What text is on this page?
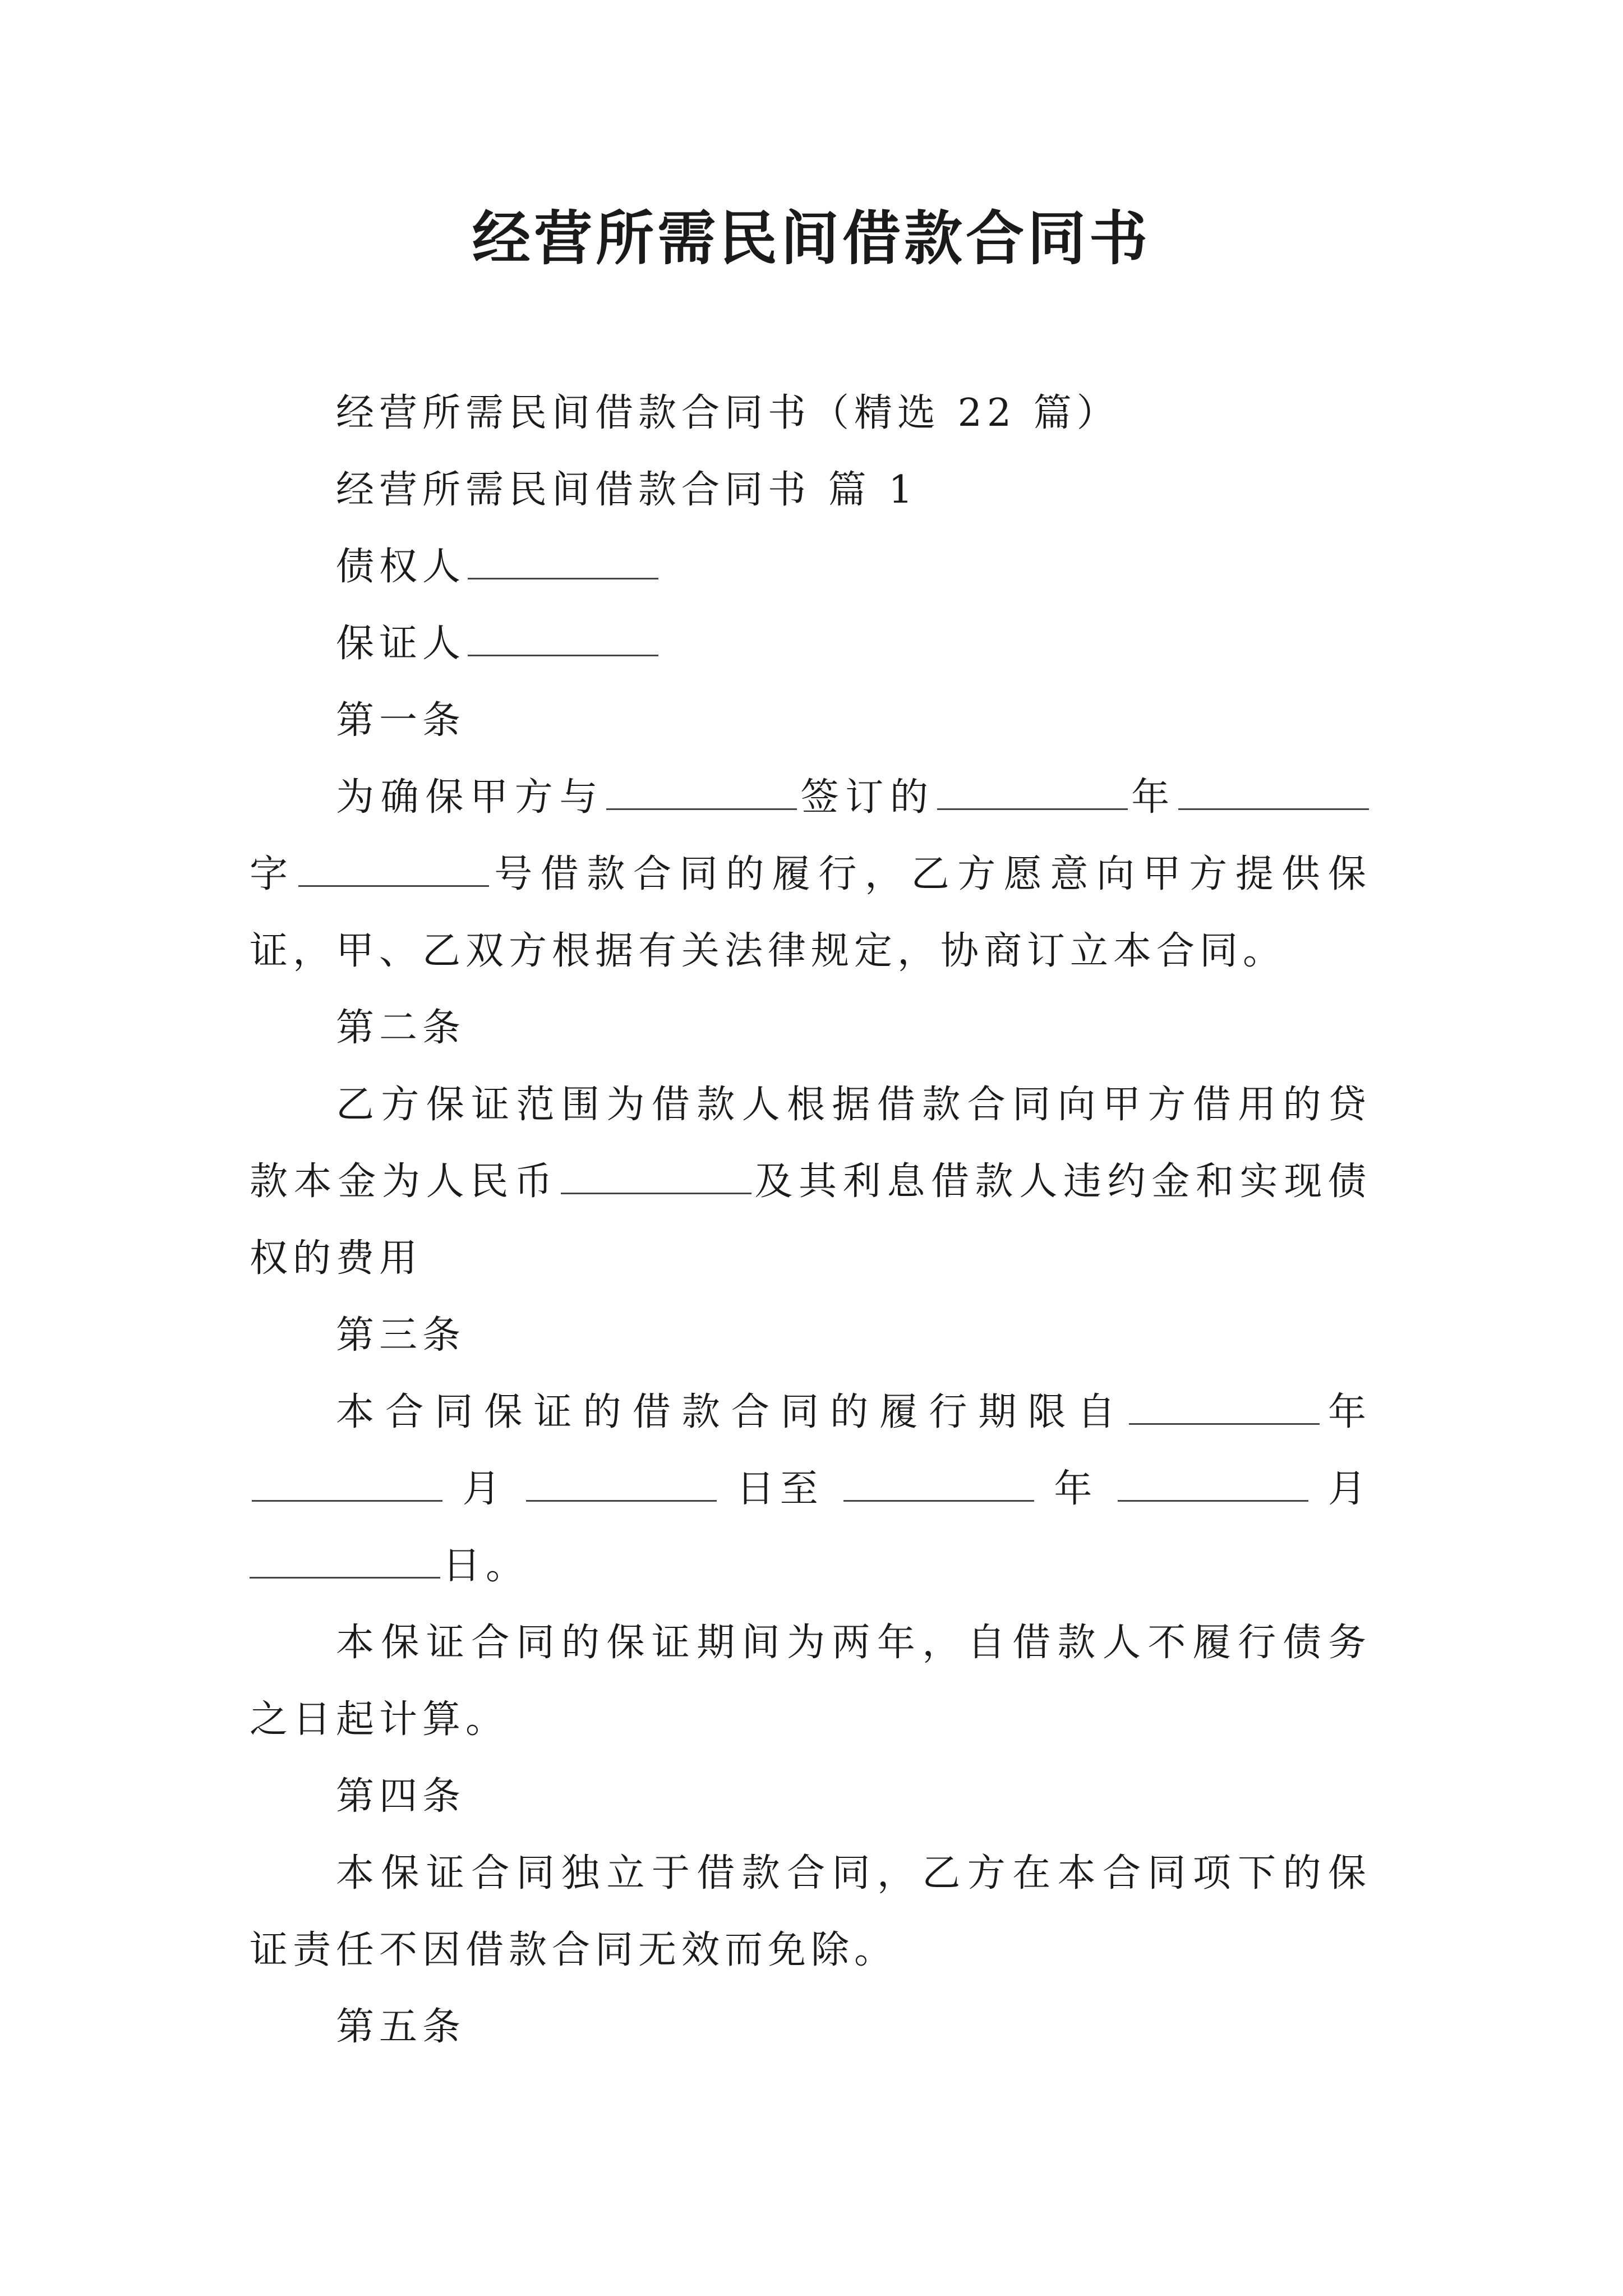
经营所需民间借款合同书

经营所需民间借款合同书（精选 22 篇）

经营所需民间借款合同书 篇 1

债权人

保证人

第一条

为确保甲方与	签订的	年字	号借款合同的履行，乙方愿意向甲方提供保证，甲、乙双方根据有关法律规定，协商订立本合同。

第二条

乙方保证范围为借款人根据借款合同向甲方借用的贷款本金为人民币	及其利息借款人违约金和实现债权的费用

第三条

本合同保证的借款合同的履行期限自	年  月	日至	年	月

日。

本保证合同的保证期间为两年，自借款人不履行债务之日起计算。

第四条

本保证合同独立于借款合同，乙方在本合同项下的保证责任不因借款合同无效而免除。

第五条
